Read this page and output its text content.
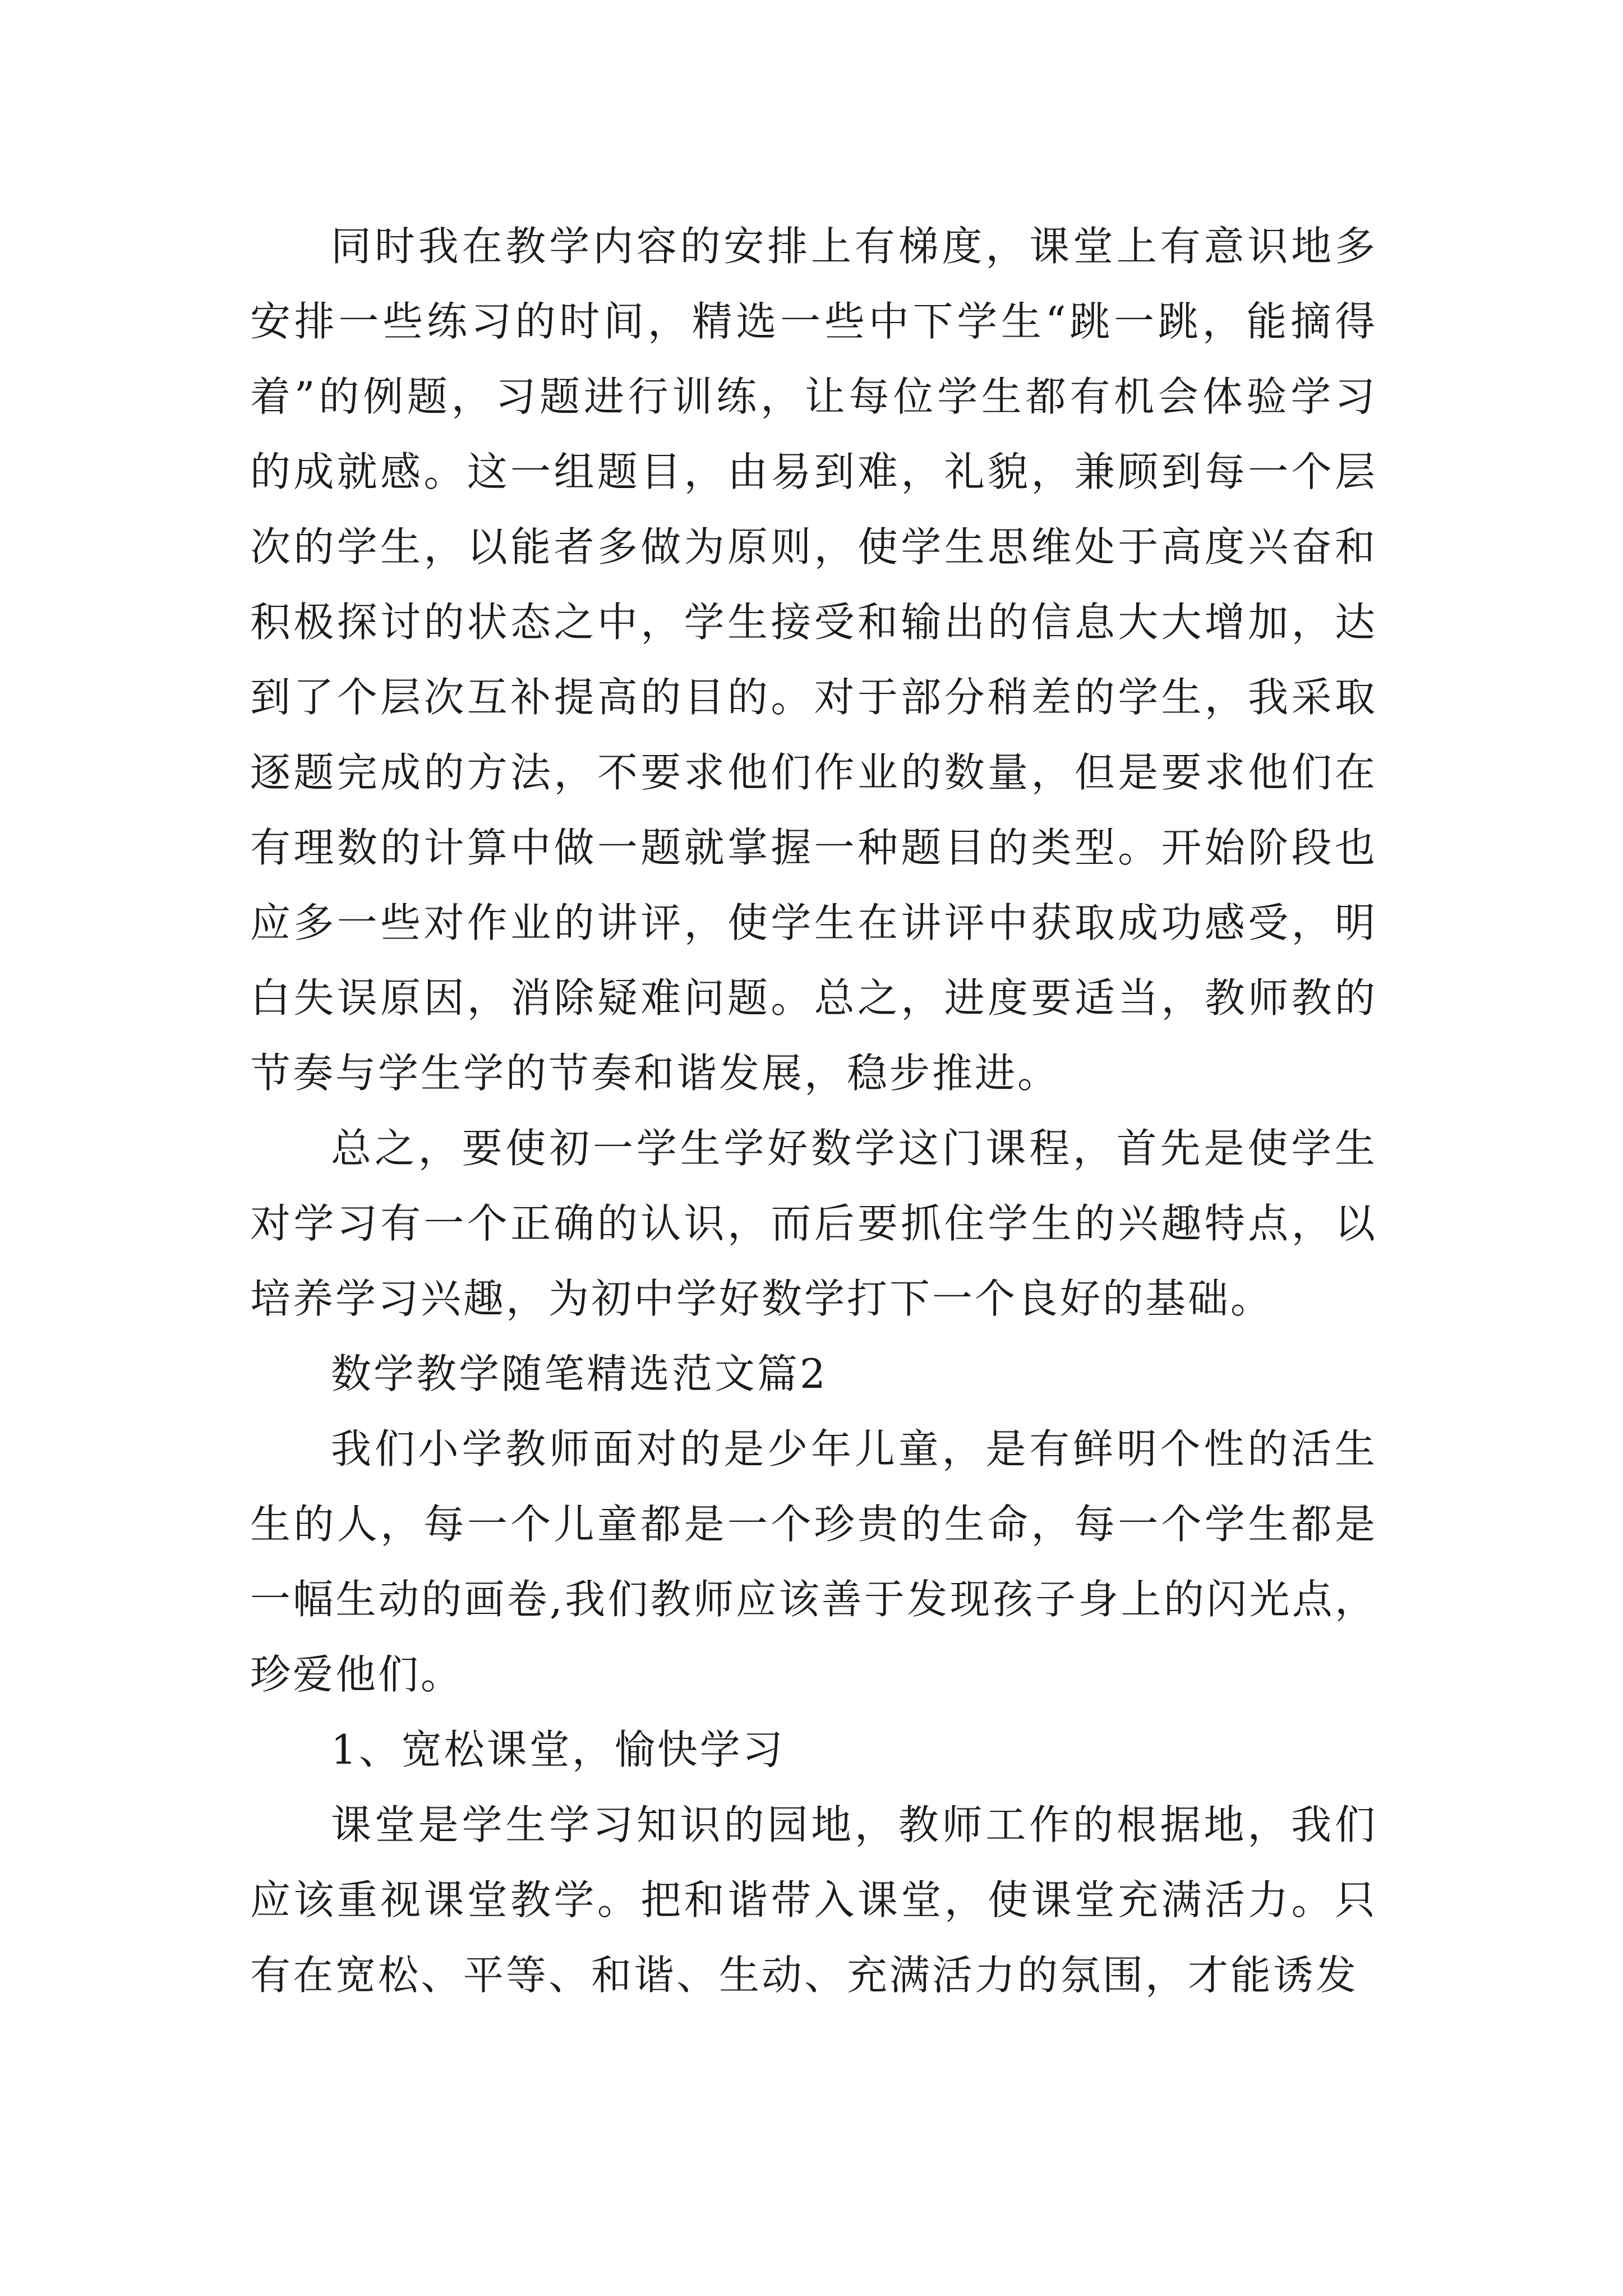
同时我在教学内容的安排上有梯度，课堂上有意识地多安排一些练习的时间，精选一些中下学生“跳一跳，能摘得着”的例题，习题进行训练，让每位学生都有机会体验学习的成就感。这一组题目，由易到难，礼貌，兼顾到每一个层次的学生，以能者多做为原则，使学生思维处于高度兴奋和积极探讨的状态之中，学生接受和输出的信息大大增加，达到了个层次互补提高的目的。对于部分稍差的学生，我采取逐题完成的方法，不要求他们作业的数量，但是要求他们在有理数的计算中做一题就掌握一种题目的类型。开始阶段也应多一些对作业的讲评，使学生在讲评中获取成功感受，明白失误原因，消除疑难问题。总之，进度要适当，教师教的节奏与学生学的节奏和谐发展，稳步推进。

总之，要使初一学生学好数学这门课程，首先是使学生对学习有一个正确的认识，而后要抓住学生的兴趣特点，以培养学习兴趣，为初中学好数学打下一个良好的基础。

数学教学随笔精选范文篇2

我们小学教师面对的是少年儿童，是有鲜明个性的活生生的人，每一个儿童都是一个珍贵的生命，每一个学生都是一幅生动的画卷,我们教师应该善于发现孩子身上的闪光点，珍爱他们。

1、宽松课堂，愉快学习

课堂是学生学习知识的园地，教师工作的根据地，我们应该重视课堂教学。把和谐带入课堂，使课堂充满活力。只有在宽松、平等、和谐、生动、充满活力的氛围，才能诱发
